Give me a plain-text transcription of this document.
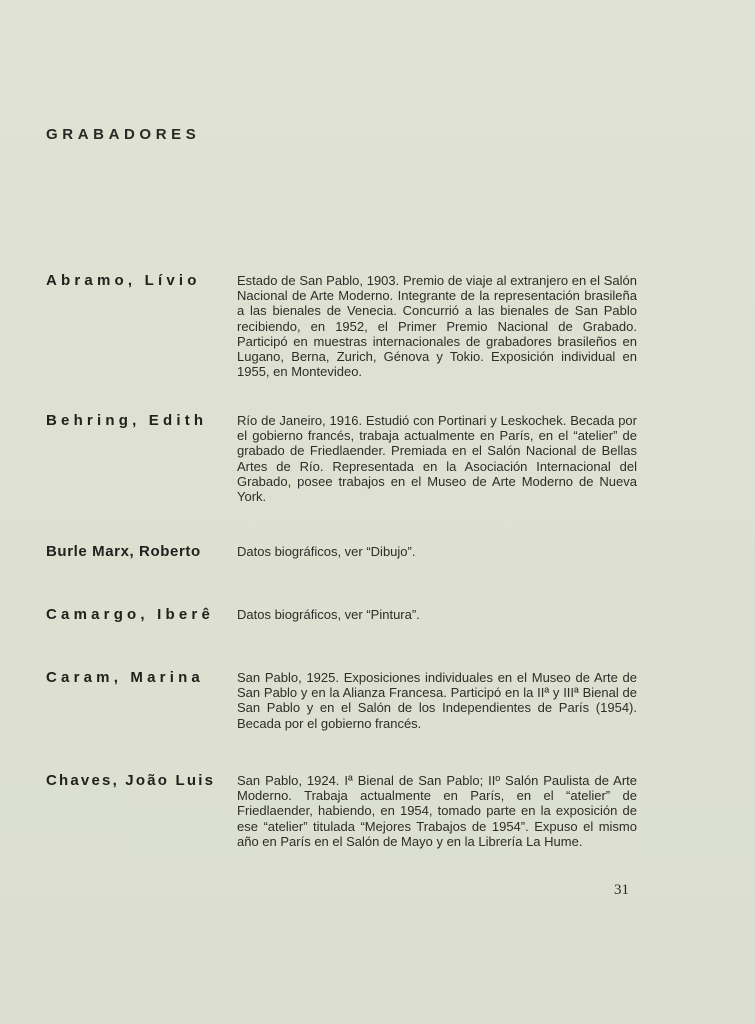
GRABADORES
Abramo, Lívio	Estado de San Pablo, 1903. Premio de viaje al extranjero en el Salón Nacional de Arte Moderno. Integrante de la representación brasileña a las bienales de Venecia. Concurrió a las bienales de San Pablo recibiendo, en 1952, el Primer Premio Nacional de Grabado. Participó en muestras internacionales de grabadores brasileños en Lugano, Berna, Zurich, Génova y Tokio. Exposición individual en 1955, en Montevideo.
Behring, Edith	Río de Janeiro, 1916. Estudió con Portinari y Leskochek. Becada por el gobierno francés, trabaja actualmente en París, en el “atelier” de grabado de Friedlaender. Premiada en el Salón Nacional de Bellas Artes de Río. Representada en la Asociación Internacional del Grabado, posee trabajos en el Museo de Arte Moderno de Nueva York.
Burle Marx, Roberto	Datos biográficos, ver “Dibujo”.
Camargo, Iberê	Datos biográficos, ver “Pintura”.
Caram, Marina	San Pablo, 1925. Exposiciones individuales en el Museo de Arte de San Pablo y en la Alianza Francesa. Participó en la IIª y IIIª Bienal de San Pablo y en el Salón de los Independientes de París (1954). Becada por el gobierno francés.
Chaves, João Luis	San Pablo, 1924. Iª Bienal de San Pablo; IIº Salón Paulista de Arte Moderno. Trabaja actualmente en París, en el “atelier” de Friedlaender, habiendo, en 1954, tomado parte en la exposición de ese “atelier” titulada “Mejores Trabajos de 1954”. Expuso el mismo año en París en el Salón de Mayo y en la Librería La Hume.
31
